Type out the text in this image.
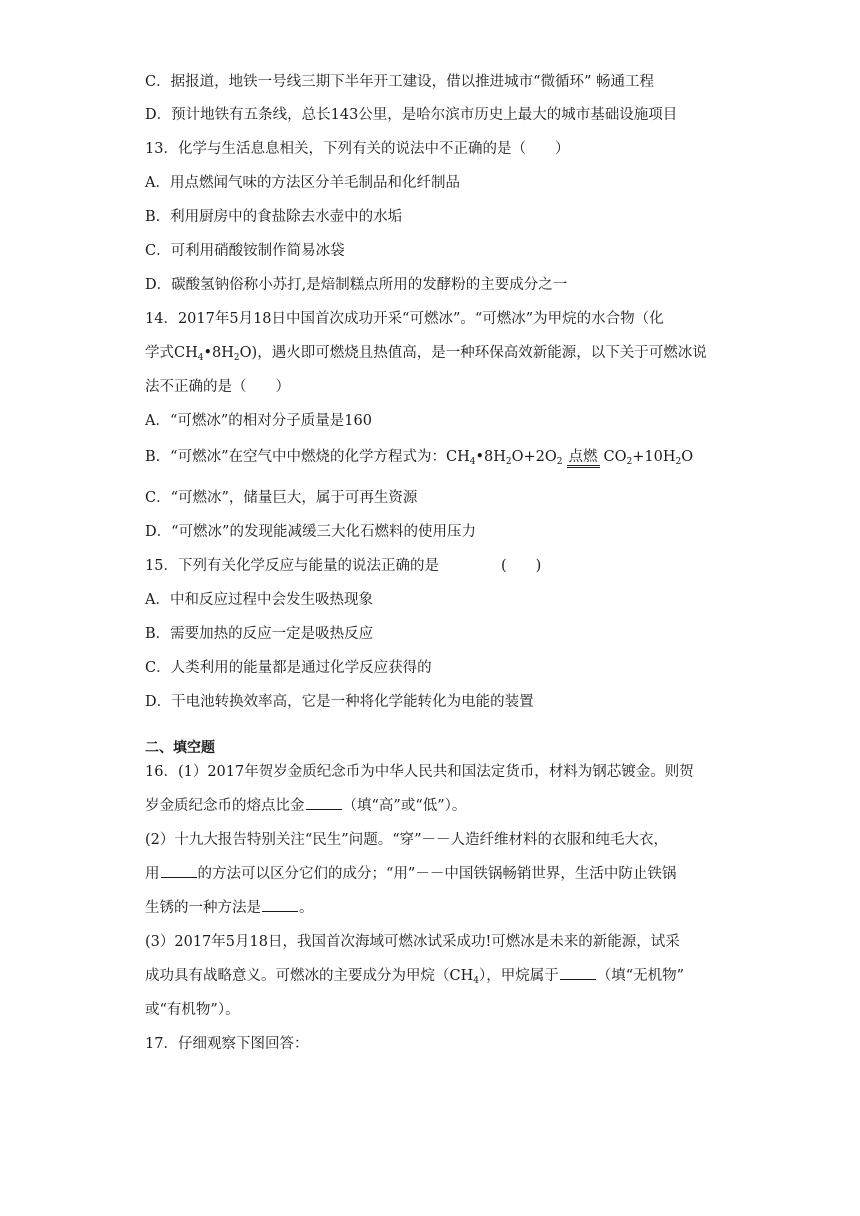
C．据报道，地铁一号线三期下半年开工建设，借以推进城市“微循环” 畅通工程
D．预计地铁有五条线，总长143公里，是哈尔滨市历史上最大的城市基础设施项目
13．化学与生活息息相关，下列有关的说法中不正确的是（　　）
A．用点燃闻气味的方法区分羊毛制品和化纤制品
B．利用厨房中的食盐除去水壶中的水垢
C．可利用硝酸铵制作简易冰袋
D．碳酸氢钠俗称小苏打,是焙制糕点所用的发酵粉的主要成分之一
14．2017年5月18日中国首次成功开采“可燃冰”。“可燃冰”为甲烷的水合物（化
学式$CH_4•8H_2O$)，遇火即可燃烧且热值高，是一种环保高效新能源，以下关于可燃冰说
法不正确的是（　　）
A．“可燃冰”的相对分子质量是160
B．“可燃冰”在空气中中燃烧的化学方程式为：$CH_4•8H_2O+2O_2$ 点燃 $CO_2+10H_2O$
C．“可燃冰”，储量巨大，属于可再生资源
D．“可燃冰”的发现能减缓三大化石燃料的使用压力
15．下列有关化学反应与能量的说法正确的是	(　　)
A．中和反应过程中会发生吸热现象
B．需要加热的反应一定是吸热反应
C．人类利用的能量都是通过化学反应获得的
D．干电池转换效率高，它是一种将化学能转化为电能的装置
二、填空题
16．(1）2017年贺岁金质纪念币为中华人民共和国法定货币，材料为钢芯镀金。则贺
岁金质纪念币的熔点比金	（填“高”或“低”）。
(2）十九大报告特别关注“民生”问题。“穿”－－人造纤维材料的衣服和纯毛大衣，
用	的方法可以区分它们的成分；“用”－－中国铁锅畅销世界，生活中防止铁锅
生锈的一种方法是	。
(3）2017年5月18日，我国首次海域可燃冰试采成功!可燃冰是未来的新能源，试采
成功具有战略意义。可燃冰的主要成分为甲烷$(CH_4)$，甲烷属于	（填“无机物”
或“有机物”）。
17．仔细观察下图回答：
